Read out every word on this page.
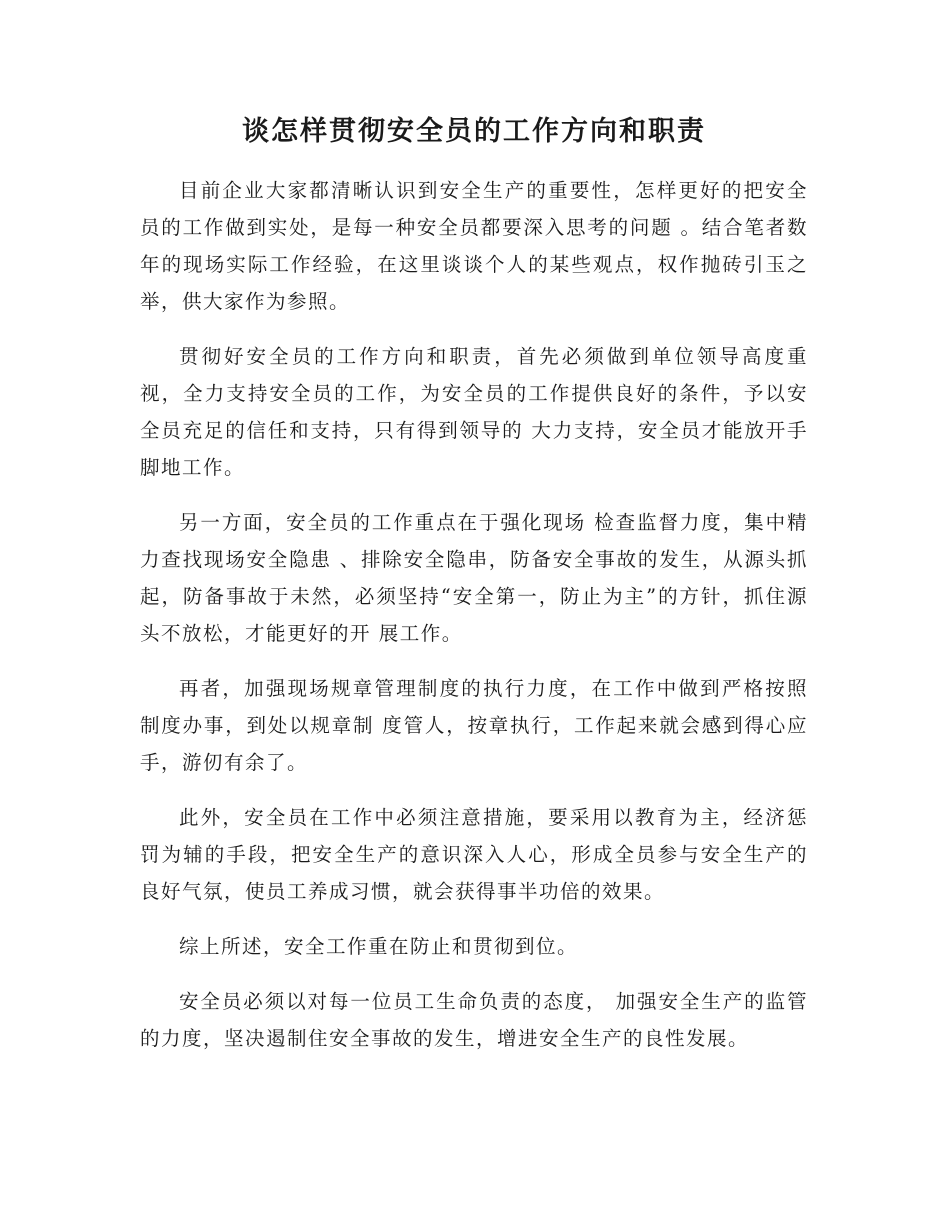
谈怎样贯彻安全员的工作方向和职责

目前企业大家都清晰认识到安全生产的重要性，怎样更好的把安全员的工作做到实处，是每一种安全员都要深入思考的问题 。结合笔者数年的现场实际工作经验，在这里谈谈个人的某些观点，权作抛砖引玉之举，供大家作为参照。

贯彻好安全员的工作方向和职责，首先必须做到单位领导高度重视，全力支持安全员的工作，为安全员的工作提供良好的条件，予以安全员充足的信任和支持，只有得到领导的 大力支持，安全员才能放开手脚地工作。

另一方面，安全员的工作重点在于强化现场 检查监督力度，集中精力查找现场安全隐患 、排除安全隐串，防备安全事故的发生，从源头抓起，防备事故于未然，必须坚持“安全第一，防止为主”的方针，抓住源头不放松，才能更好的开 展工作。

再者，加强现场规章管理制度的执行力度，在工作中做到严格按照制度办事，到处以规章制 度管人，按章执行，工作起来就会感到得心应手，游仞有余了。

此外，安全员在工作中必须注意措施，要采用以教育为主，经济惩罚为辅的手段，把安全生产的意识深入人心，形成全员参与安全生产的良好气氛，使员工养成习惯，就会获得事半功倍的效果。

综上所述，安全工作重在防止和贯彻到位。

安全员必须以对每一位员工生命负责的态度， 加强安全生产的监管的力度，坚决遏制住安全事故的发生，增进安全生产的良性发展。
